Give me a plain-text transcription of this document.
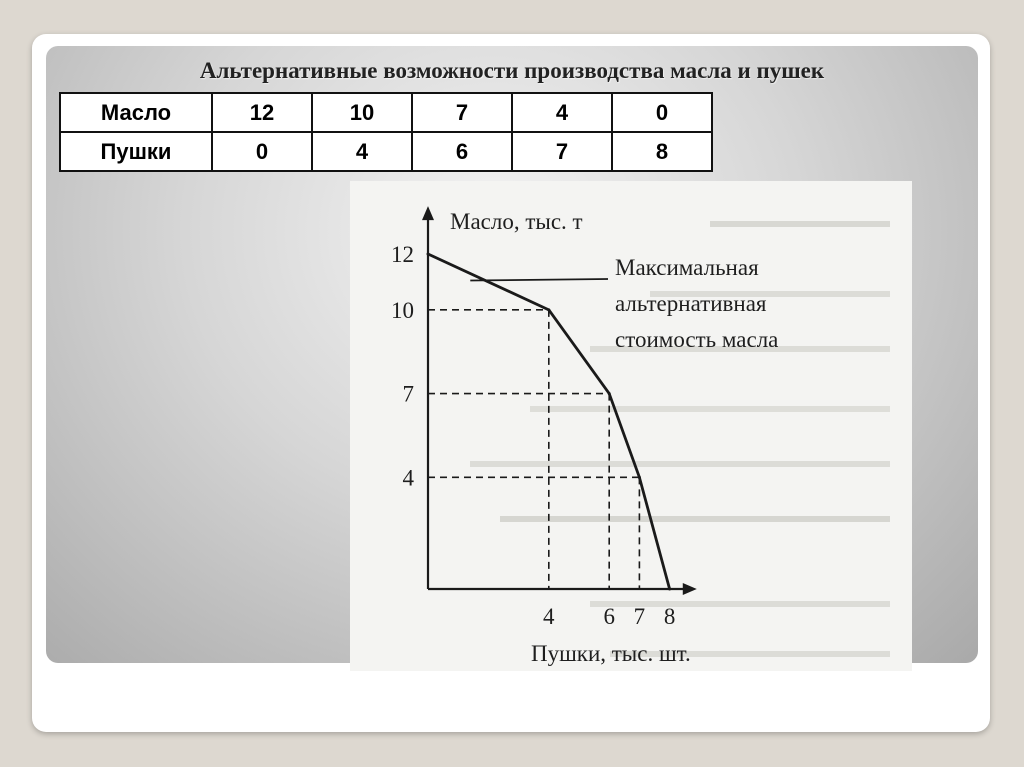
Альтернативные возможности производства масла и пушек
Масло	12	10	7	4	0
Пушки	0	4	6	7	8
4
7
10
12
4 6 7 8
Масло, тыс. т
Пушки, тыс. шт.
Максимальная
альтернативная
стоимость масла
